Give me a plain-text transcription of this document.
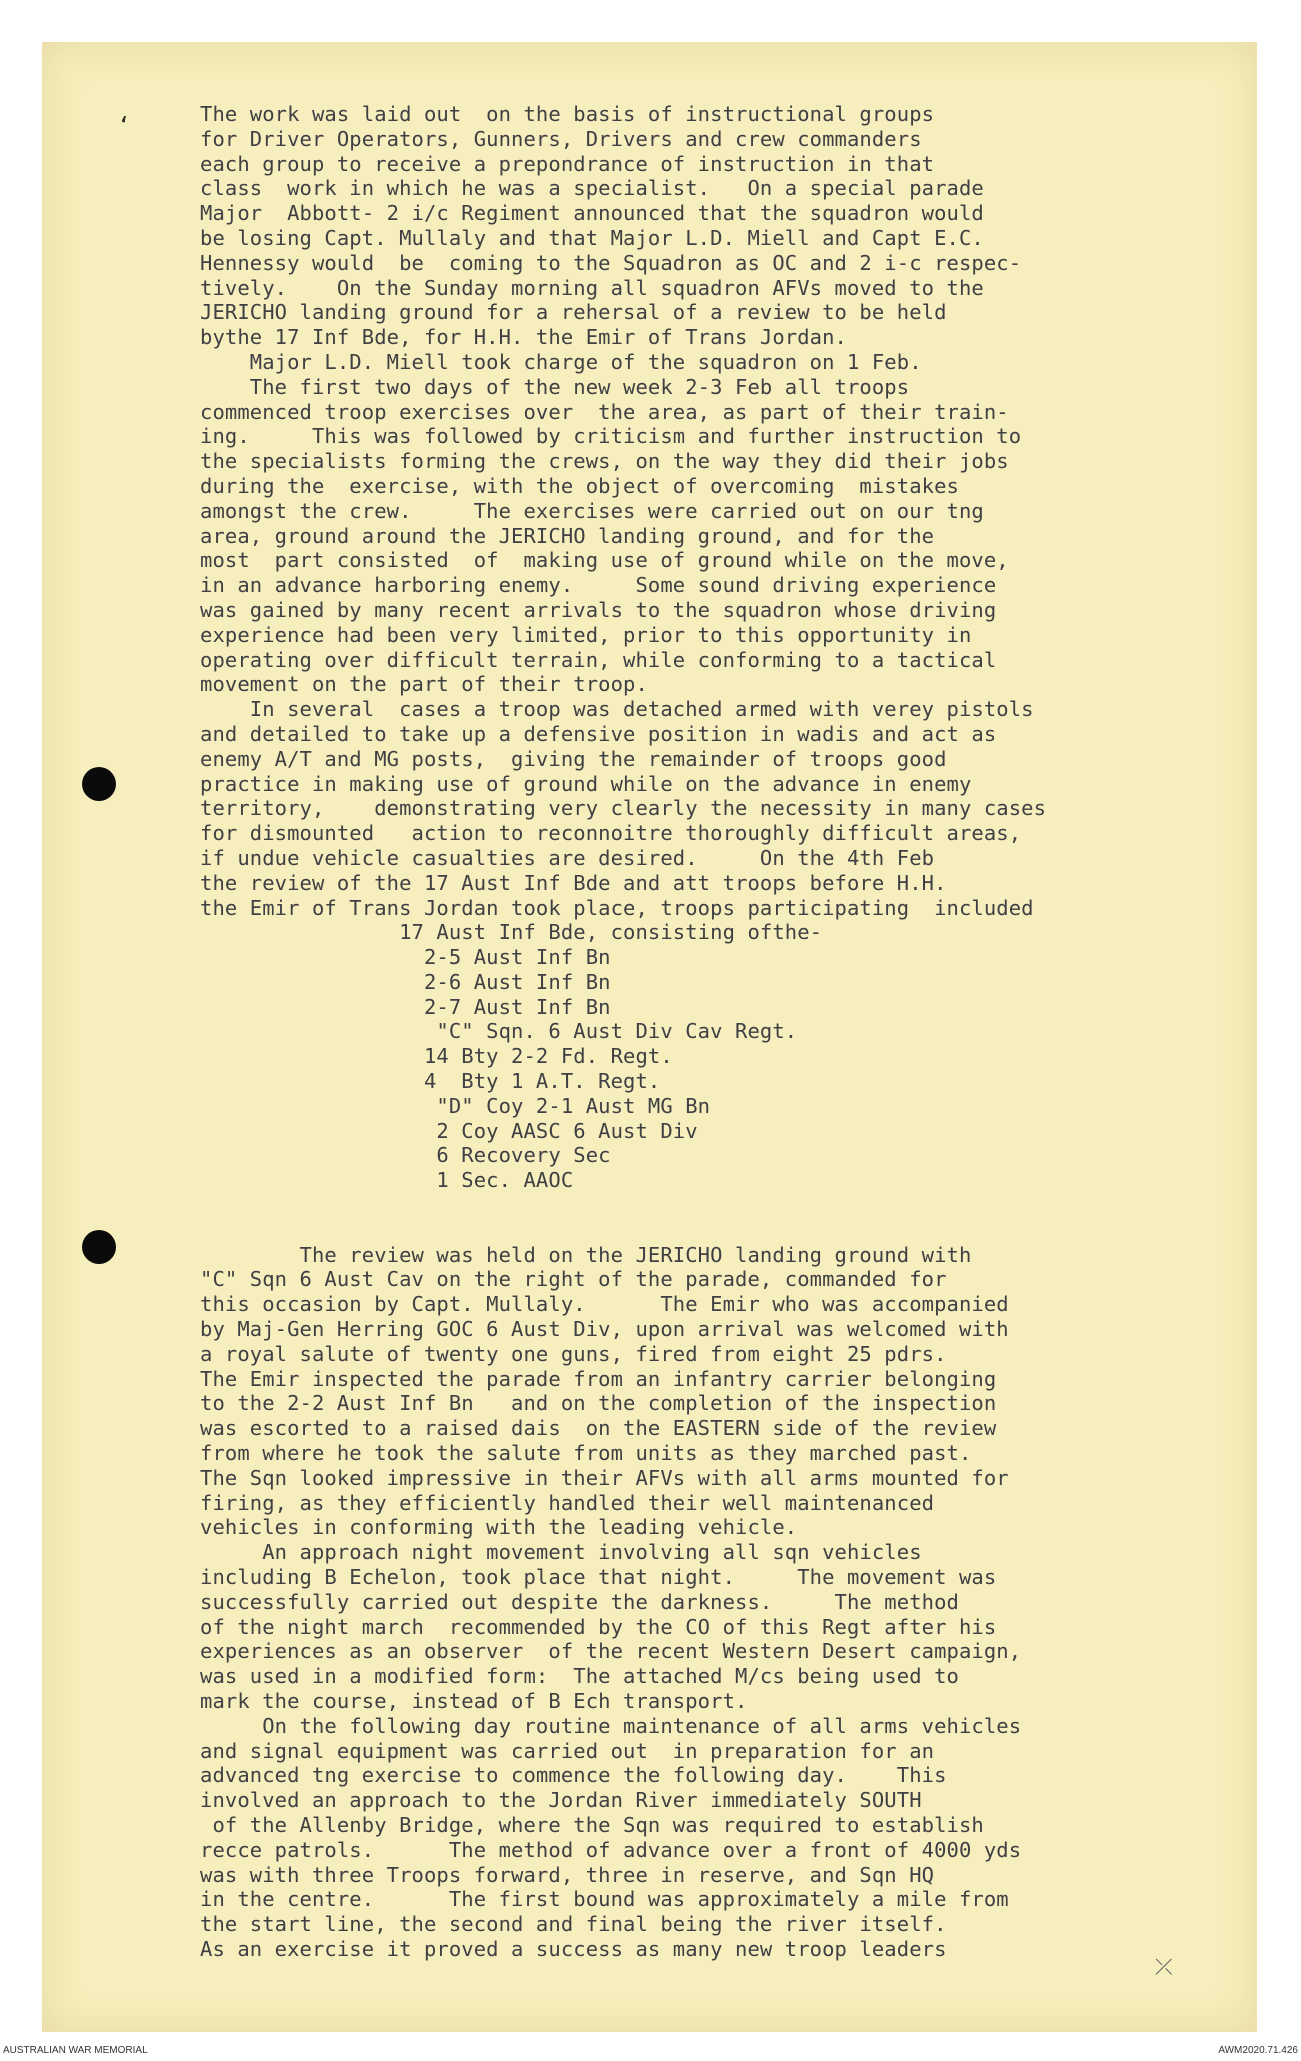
‘	The work was laid out  on the basis of instructional groups
for Driver Operators, Gunners, Drivers and crew commanders
each group to receive a prepondrance of instruction in that
class  work in which he was a specialist.   On a special parade
Major  Abbott- 2 i/c Regiment announced that the squadron would
be losing Capt. Mullaly and that Major L.D. Miell and Capt E.C.
Hennessy would  be  coming to the Squadron as OC and 2 i-c respec-
tively.    On the Sunday morning all squadron AFVs moved to the
JERICHO landing ground for a rehersal of a review to be held
bythe 17 Inf Bde, for H.H. the Emir of Trans Jordan.
Major L.D. Miell took charge of the squadron on 1 Feb.
The first two days of the new week 2-3 Feb all troops
commenced troop exercises over  the area, as part of their train-
ing.     This was followed by criticism and further instruction to
the specialists forming the crews, on the way they did their jobs
during the  exercise, with the object of overcoming  mistakes
amongst the crew.     The exercises were carried out on our tng
area, ground around the JERICHO landing ground, and for the
most  part consisted  of  making use of ground while on the move,
in an advance harboring enemy.     Some sound driving experience
was gained by many recent arrivals to the squadron whose driving
experience had been very limited, prior to this opportunity in
operating over difficult terrain, while conforming to a tactical
movement on the part of their troop.
In several  cases a troop was detached armed with verey pistols
and detailed to take up a defensive position in wadis and act as
enemy A/T and MG posts,  giving the remainder of troops good
practice in making use of ground while on the advance in enemy
territory,    demonstrating very clearly the necessity in many cases
for dismounted   action to reconnoitre thoroughly difficult areas,
if undue vehicle casualties are desired.     On the 4th Feb
the review of the 17 Aust Inf Bde and att troops before H.H.
the Emir of Trans Jordan took place, troops participating  included
17 Aust Inf Bde, consisting ofthe-
2-5 Aust Inf Bn
2-6 Aust Inf Bn
2-7 Aust Inf Bn
"C" Sqn. 6 Aust Div Cav Regt.
14 Bty 2-2 Fd. Regt.
4  Bty 1 A.T. Regt.
"D" Coy 2-1 Aust MG Bn
2 Coy AASC 6 Aust Div
6 Recovery Sec
1 Sec. AAOC

The review was held on the JERICHO landing ground with
"C" Sqn 6 Aust Cav on the right of the parade, commanded for
this occasion by Capt. Mullaly.      The Emir who was accompanied
by Maj-Gen Herring GOC 6 Aust Div, upon arrival was welcomed with
a royal salute of twenty one guns, fired from eight 25 pdrs.
The Emir inspected the parade from an infantry carrier belonging
to the 2-2 Aust Inf Bn   and on the completion of the inspection
was escorted to a raised dais  on the EASTERN side of the review
from where he took the salute from units as they marched past.
The Sqn looked impressive in their AFVs with all arms mounted for
firing, as they efficiently handled their well maintenanced
vehicles in conforming with the leading vehicle.
An approach night movement involving all sqn vehicles
including B Echelon, took place that night.     The movement was
successfully carried out despite the darkness.     The method
of the night march  recommended by the CO of this Regt after his
experiences as an observer  of the recent Western Desert campaign,
was used in a modified form:  The attached M/cs being used to
mark the course, instead of B Ech transport.
On the following day routine maintenance of all arms vehicles
and signal equipment was carried out  in preparation for an
advanced tng exercise to commence the following day.    This
involved an approach to the Jordan River immediately SOUTH
of the Allenby Bridge, where the Sqn was required to establish
recce patrols.      The method of advance over a front of 4000 yds
was with three Troops forward, three in reserve, and Sqn HQ
in the centre.      The first bound was approximately a mile from
the start line, the second and final being the river itself.
As an exercise it proved a success as many new troop leaders

⤫
AUSTRALIAN WAR MEMORIAL	AWM2020.71.426
